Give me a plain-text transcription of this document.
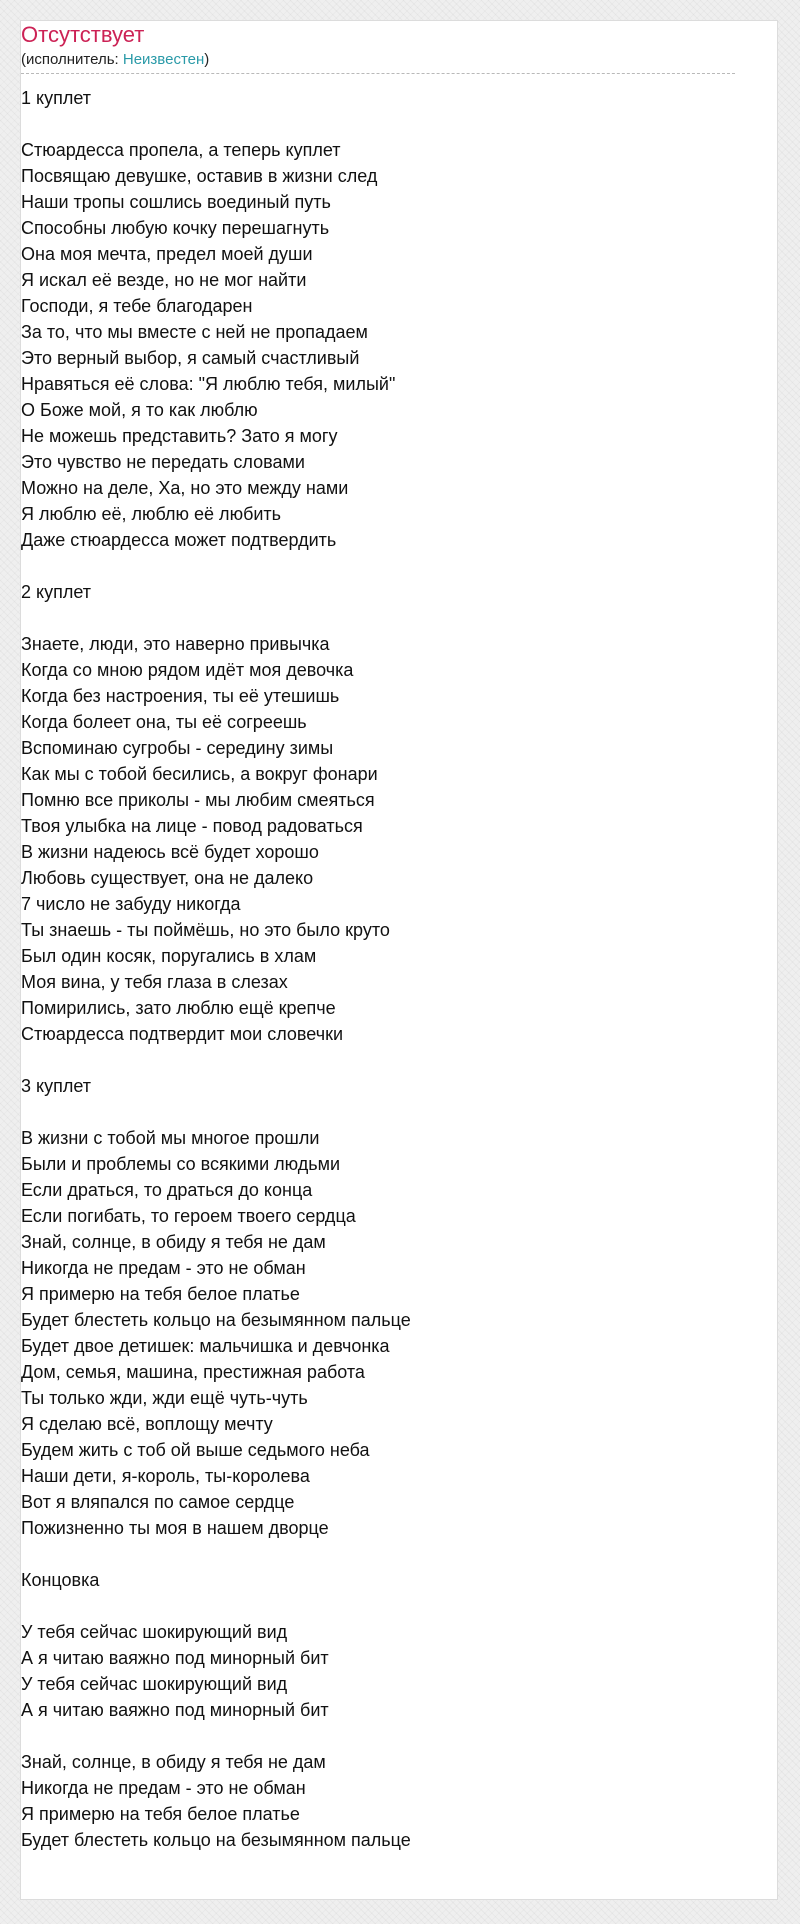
Отсутствует
(исполнитель: Неизвестен)
1 куплет
Стюардесса пропела, а теперь куплет
Посвящаю девушке, оставив в жизни след
Наши тропы сошлись воединый путь
Способны любую кочку перешагнуть
Она моя мечта, предел моей души
Я искал её везде, но не мог найти
Господи, я тебе благодарен
За то, что мы вместе с ней не пропадаем
Это верный выбор, я самый счастливый
Нравяться её слова: "Я люблю тебя, милый"
О Боже мой, я то как люблю
Не можешь представить? Зато я могу
Это чувство не передать словами
Можно на деле, Ха, но это между нами
Я люблю её, люблю её любить
Даже стюардесса может подтвердить
2 куплет
Знаете, люди, это наверно привычка
Когда со мною рядом идёт моя девочка
Когда без настроения, ты её утешишь
Когда болеет она, ты её согреешь
Вспоминаю сугробы - середину зимы
Как мы с тобой бесились, а вокруг фонари
Помню все приколы - мы любим смеяться
Твоя улыбка на лице - повод радоваться
В жизни надеюсь всё будет хорошо
Любовь существует, она не далеко
7 число не забуду никогда
Ты знаешь - ты поймёшь, но это было круто
Был один косяк, поругались в хлам
Моя вина, у тебя глаза в слезах
Помирились, зато люблю ещё крепче
Стюардесса подтвердит мои словечки
3 куплет
В жизни с тобой мы многое прошли
Были и проблемы со всякими людьми
Если драться, то драться до конца
Если погибать, то героем твоего сердца
Знай, солнце, в обиду я тебя не дам
Никогда не предам - это не обман
Я примерю на тебя белое платье
Будет блестеть кольцо на безымянном пальце
Будет двое детишек: мальчишка и девчонка
Дом, семья, машина, престижная работа
Ты только жди, жди ещё чуть-чуть
Я сделаю всё, воплощу мечту
Будем жить с тоб ой выше седьмого неба
Наши дети, я-король, ты-королева
Вот я вляпался по самое сердце
Пожизненно ты моя в нашем дворце
Концовка
У тебя сейчас шокирующий вид
А я читаю ваяжно под минорный бит
У тебя сейчас шокирующий вид
А я читаю ваяжно под минорный бит
Знай, солнце, в обиду я тебя не дам
Никогда не предам - это не обман
Я примерю на тебя белое платье
Будет блестеть кольцо на безымянном пальце
